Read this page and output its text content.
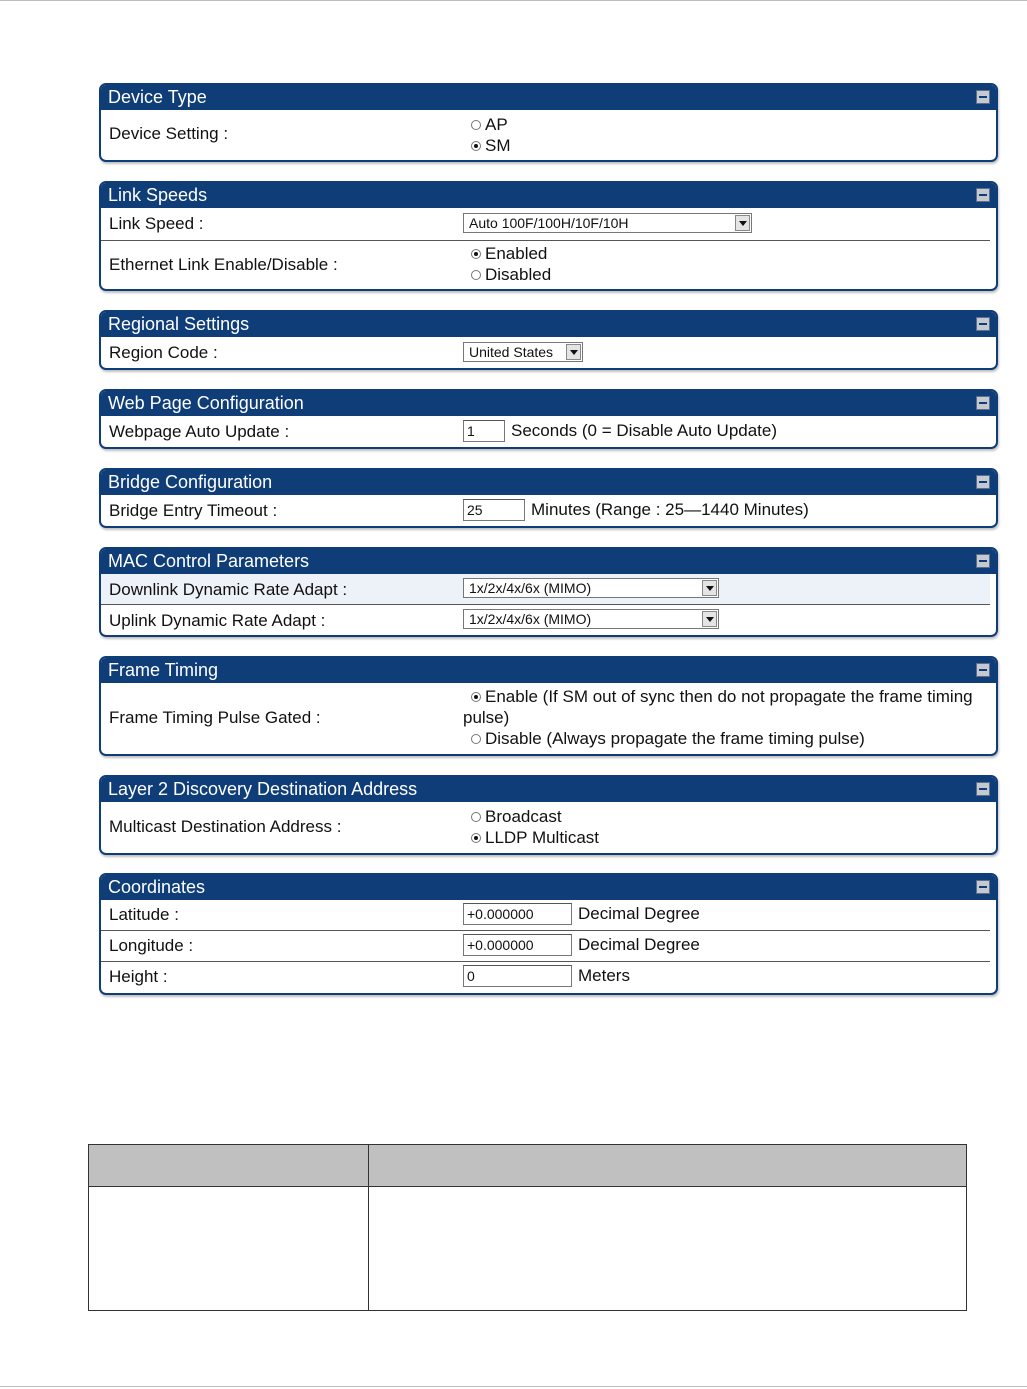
Device Type
Device Setting :	AP
SM
Link Speeds
Link Speed :	Auto 100F/100H/10F/10H
Ethernet Link Enable/Disable :
Enabled
Disabled
Regional Settings
Region Code :	United States
Web Page Configuration
Webpage Auto Update :	1 Seconds (0 = Disable Auto Update)
Bridge Configuration
Bridge Entry Timeout :	25	Minutes (Range : 25—1440 Minutes)
MAC Control Parameters
Downlink Dynamic Rate Adapt :	1x/2x/4x/6x (MIMO)
Uplink Dynamic Rate Adapt :	1x/2x/4x/6x (MIMO)
Frame Timing
Frame Timing Pulse Gated :
Enable (If SM out of sync then do not propagate the frame timing
pulse)
Disable (Always propagate the frame timing pulse)
Layer 2 Discovery Destination Address
Multicast Destination Address :
Broadcast
LLDP Multicast
Coordinates
Latitude :	+0.000000	Decimal Degree
Longitude :	+0.000000	Decimal Degree
Height :	0	Meters
